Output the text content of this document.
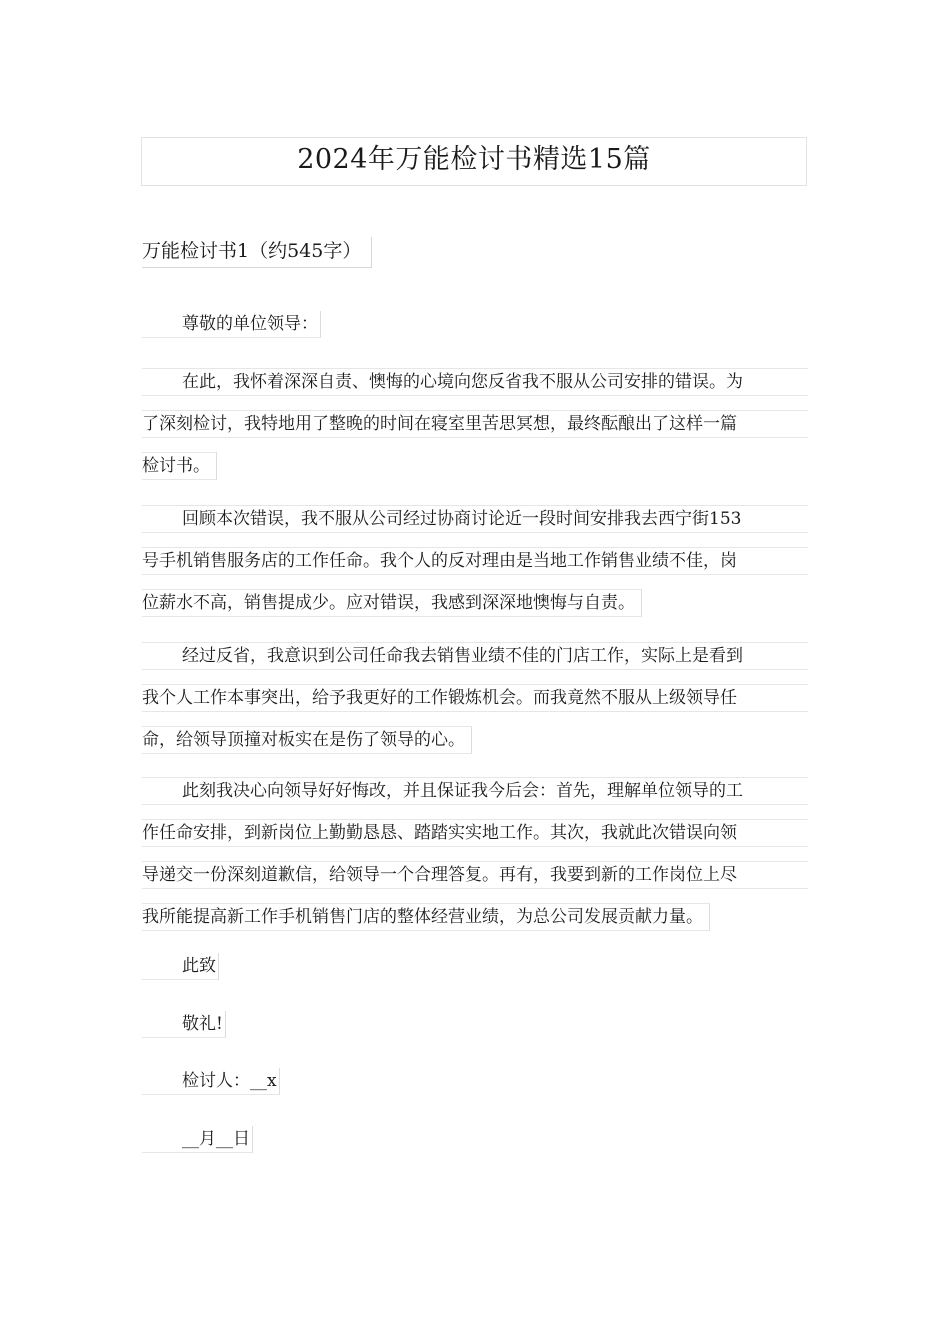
2024年万能检讨书精选15篇
万能检讨书1（约545字）
尊敬的单位领导：
在此，我怀着深深自责、懊悔的心境向您反省我不服从公司安排的错误。为
了深刻检讨，我特地用了整晚的时间在寝室里苦思冥想，最终酝酿出了这样一篇
检讨书。
回顾本次错误，我不服从公司经过协商讨论近一段时间安排我去西宁街153
号手机销售服务店的工作任命。我个人的反对理由是当地工作销售业绩不佳，岗
位薪水不高，销售提成少。应对错误，我感到深深地懊悔与自责。
经过反省，我意识到公司任命我去销售业绩不佳的门店工作，实际上是看到
我个人工作本事突出，给予我更好的工作锻炼机会。而我竟然不服从上级领导任
命，给领导顶撞对板实在是伤了领导的心。
此刻我决心向领导好好悔改，并且保证我今后会：首先，理解单位领导的工
作任命安排，到新岗位上勤勤恳恳、踏踏实实地工作。其次，我就此次错误向领
导递交一份深刻道歉信，给领导一个合理答复。再有，我要到新的工作岗位上尽
我所能提高新工作手机销售门店的整体经营业绩，为总公司发展贡献力量。
此致
敬礼!
检讨人：__x
__月__日
